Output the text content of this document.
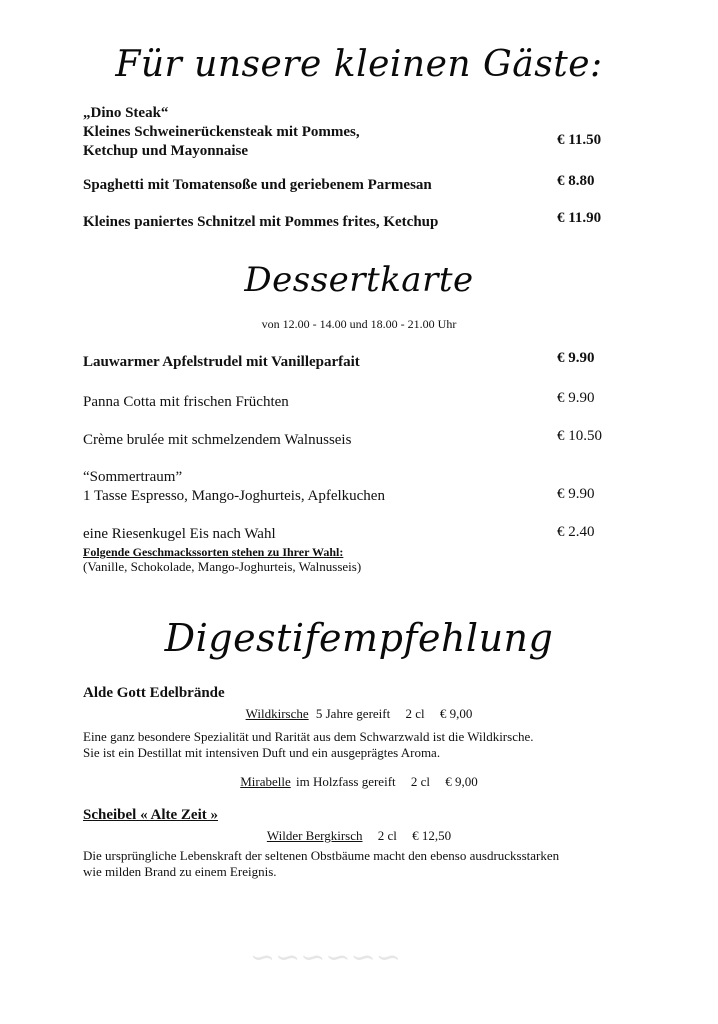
~~~~~~
Für unsere kleinen Gäste:
„Dino Steak“
Kleines Schweinerückensteak mit Pommes,
Ketchup und Mayonnaise
€ 11.50
Spaghetti mit Tomatensoße und geriebenem Parmesan	€ 8.80
Kleines paniertes Schnitzel mit Pommes frites, Ketchup	€ 11.90
Dessertkarte
von 12.00 - 14.00 und 18.00 - 21.00 Uhr
Lauwarmer Apfelstrudel mit Vanilleparfait	€ 9.90
Panna Cotta mit frischen Früchten	€ 9.90
Crème brulée mit schmelzendem Walnusseis	€ 10.50
“Sommertraum”
1 Tasse Espresso, Mango-Joghurteis, Apfelkuchen	€ 9.90
eine Riesenkugel Eis nach Wahl	€ 2.40
Folgende Geschmackssorten stehen zu Ihrer Wahl:
(Vanille, Schokolade, Mango-Joghurteis, Walnusseis)
Digestifempfehlung
Alde Gott Edelbrände
Wildkirsche 5 Jahre gereift 2 cl € 9,00
Eine ganz besondere Spezialität und Rarität aus dem Schwarzwald ist die Wildkirsche.
Sie ist ein Destillat mit intensiven Duft und ein ausgeprägtes Aroma.
Mirabelle im Holzfass gereift 2 cl € 9,00
Scheibel « Alte Zeit »
Wilder Bergkirsch 2 cl € 12,50
Die ursprüngliche Lebenskraft der seltenen Obstbäume macht den ebenso ausdrucksstarken
wie milden Brand zu einem Ereignis.
